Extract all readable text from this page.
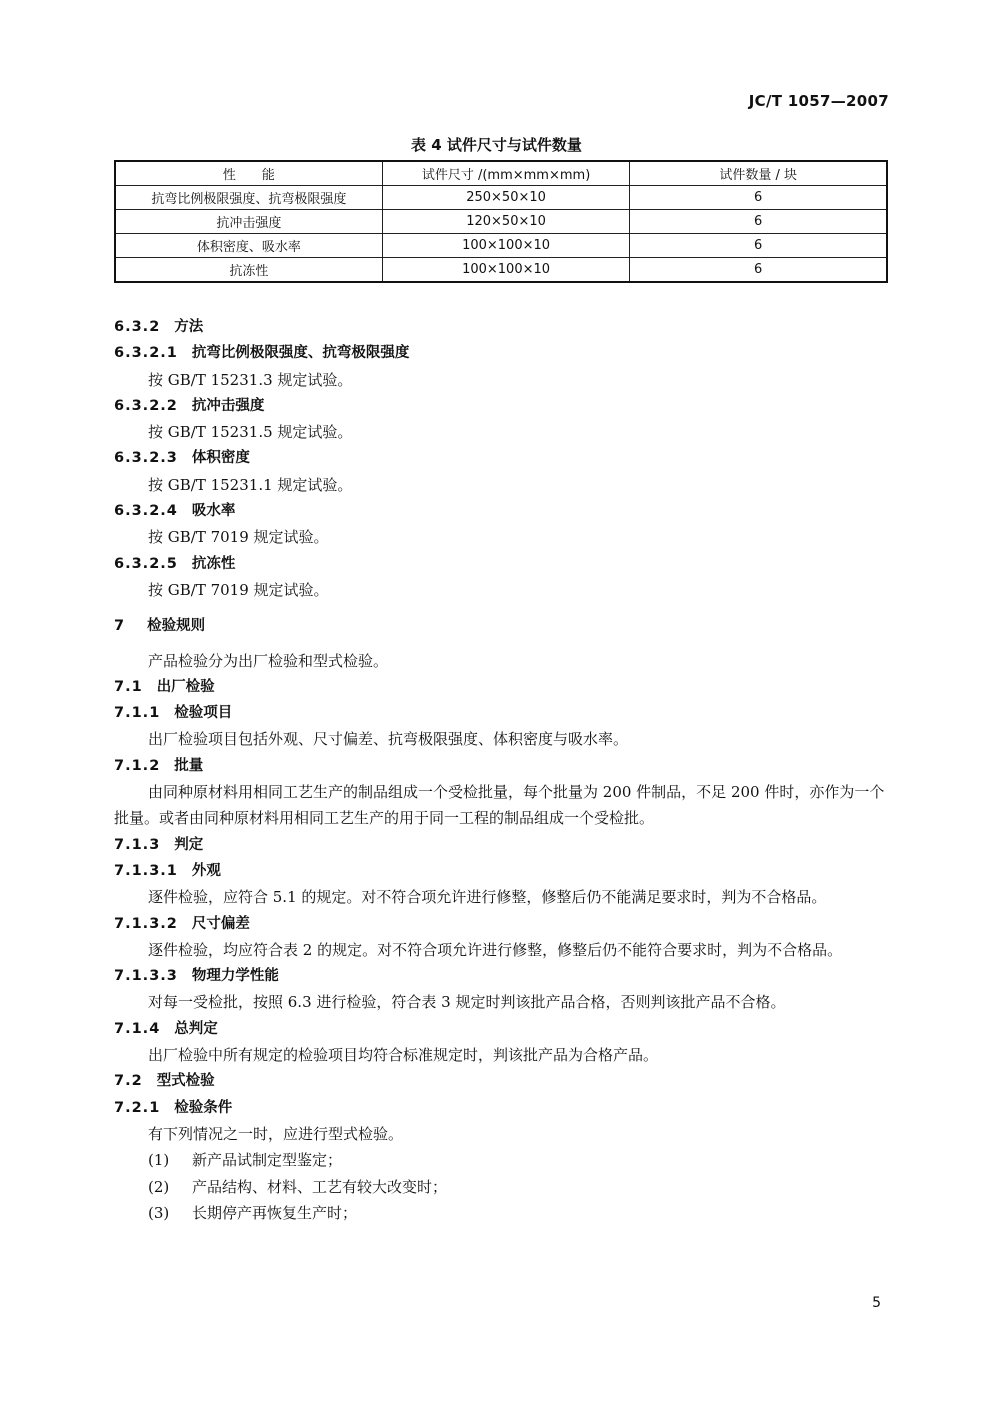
JC/T 1057—2007
表 4 试件尺寸与试件数量
性　　能	试件尺寸 /(mm×mm×mm)	试件数量 / 块
抗弯比例极限强度、抗弯极限强度	250×50×10	6
抗冲击强度	120×50×10	6
体积密度、吸水率	100×100×10	6
抗冻性	100×100×10	6
6.3.2 方法
6.3.2.1 抗弯比例极限强度、抗弯极限强度
按 GB/T 15231.3 规定试验。
6.3.2.2 抗冲击强度
按 GB/T 15231.5 规定试验。
6.3.2.3 体积密度
按 GB/T 15231.1 规定试验。
6.3.2.4 吸水率
按 GB/T 7019 规定试验。
6.3.2.5 抗冻性
按 GB/T 7019 规定试验。
7 检验规则
产品检验分为出厂检验和型式检验。
7.1 出厂检验
7.1.1 检验项目
出厂检验项目包括外观、尺寸偏差、抗弯极限强度、体积密度与吸水率。
7.1.2 批量
由同种原材料用相同工艺生产的制品组成一个受检批量，每个批量为 200 件制品，不足 200 件时，亦作为一个批量。或者由同种原材料用相同工艺生产的用于同一工程的制品组成一个受检批。
7.1.3 判定
7.1.3.1 外观
逐件检验，应符合 5.1 的规定。对不符合项允许进行修整，修整后仍不能满足要求时，判为不合格品。
7.1.3.2 尺寸偏差
逐件检验，均应符合表 2 的规定。对不符合项允许进行修整，修整后仍不能符合要求时，判为不合格品。
7.1.3.3 物理力学性能
对每一受检批，按照 6.3 进行检验，符合表 3 规定时判该批产品合格，否则判该批产品不合格。
7.1.4 总判定
出厂检验中所有规定的检验项目均符合标准规定时，判该批产品为合格产品。
7.2 型式检验
7.2.1 检验条件
有下列情况之一时，应进行型式检验。
(1) 新产品试制定型鉴定；
(2) 产品结构、材料、工艺有较大改变时；
(3) 长期停产再恢复生产时；
5
